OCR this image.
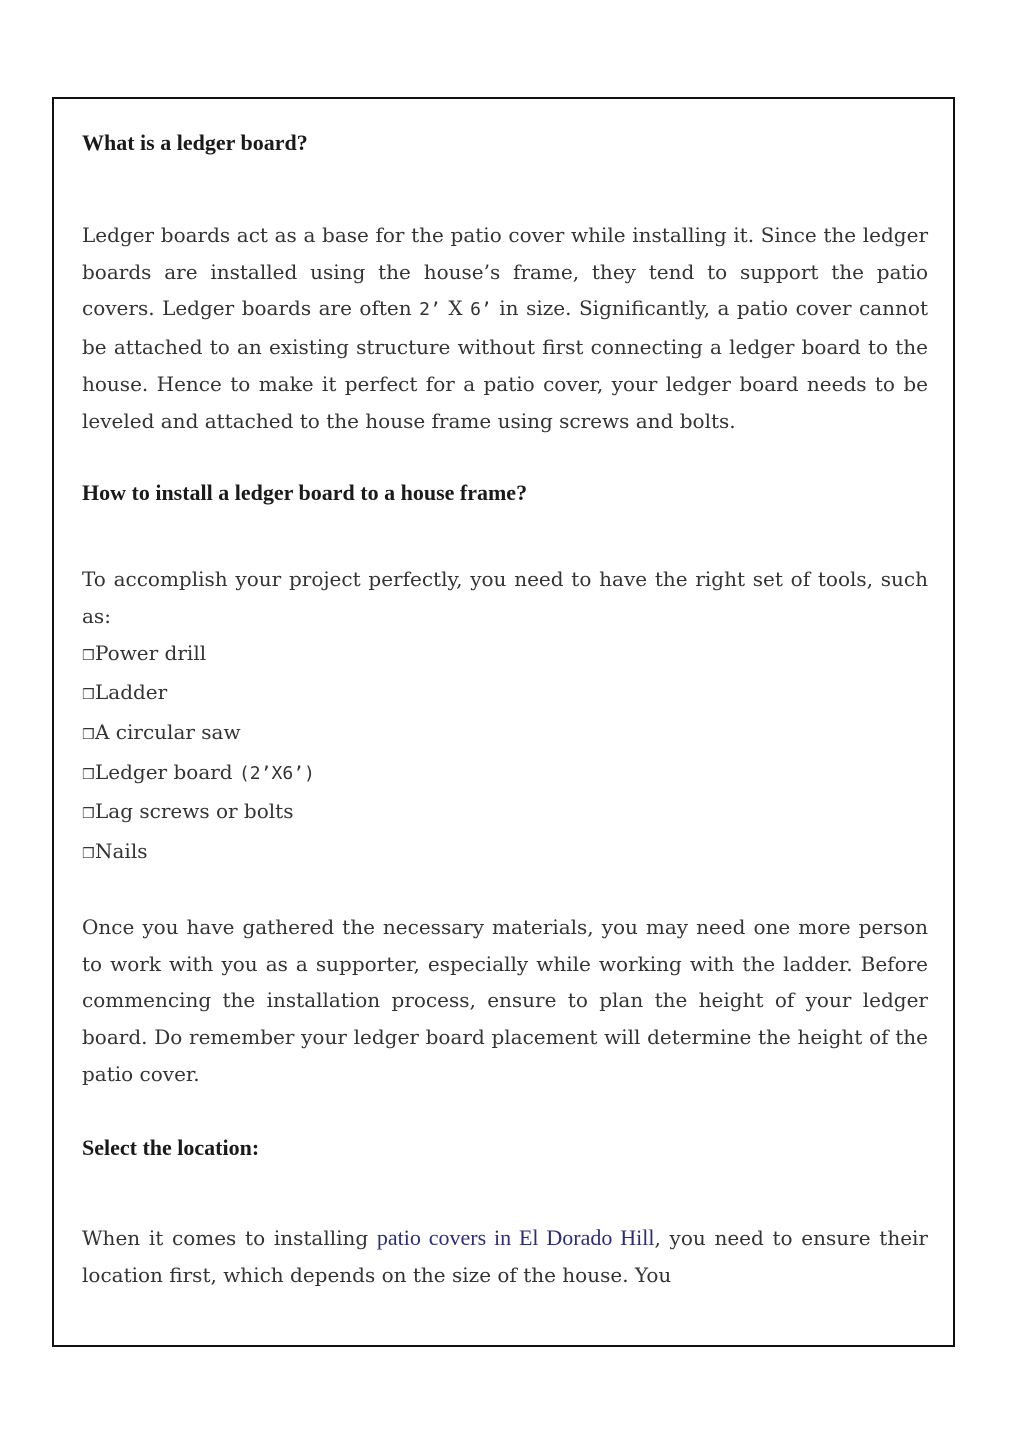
What is a ledger board?

Ledger boards act as a base for the patio cover while installing it. Since the ledger boards are installed using the house’s frame, they tend to support the patio covers. Ledger boards are often 2’ X 6’ in size. Significantly, a patio cover cannot be attached to an existing structure without first connecting a ledger board to the house. Hence to make it perfect for a patio cover, your ledger board needs to be leveled and attached to the house frame using screws and bolts.

How to install a ledger board to a house frame?

To accomplish your project perfectly, you need to have the right set of tools, such as:

❒Power drill
❒Ladder
❒A circular saw
❒Ledger board (2’X6’)
❒Lag screws or bolts
❒Nails

Once you have gathered the necessary materials, you may need one more person to work with you as a supporter, especially while working with the ladder. Before commencing the installation process, ensure to plan the height of your ledger board. Do remember your ledger board placement will determine the height of the patio cover.

Select the location:

When it comes to installing patio covers in El Dorado Hill, you need to ensure their location first, which depends on the size of the house. You
